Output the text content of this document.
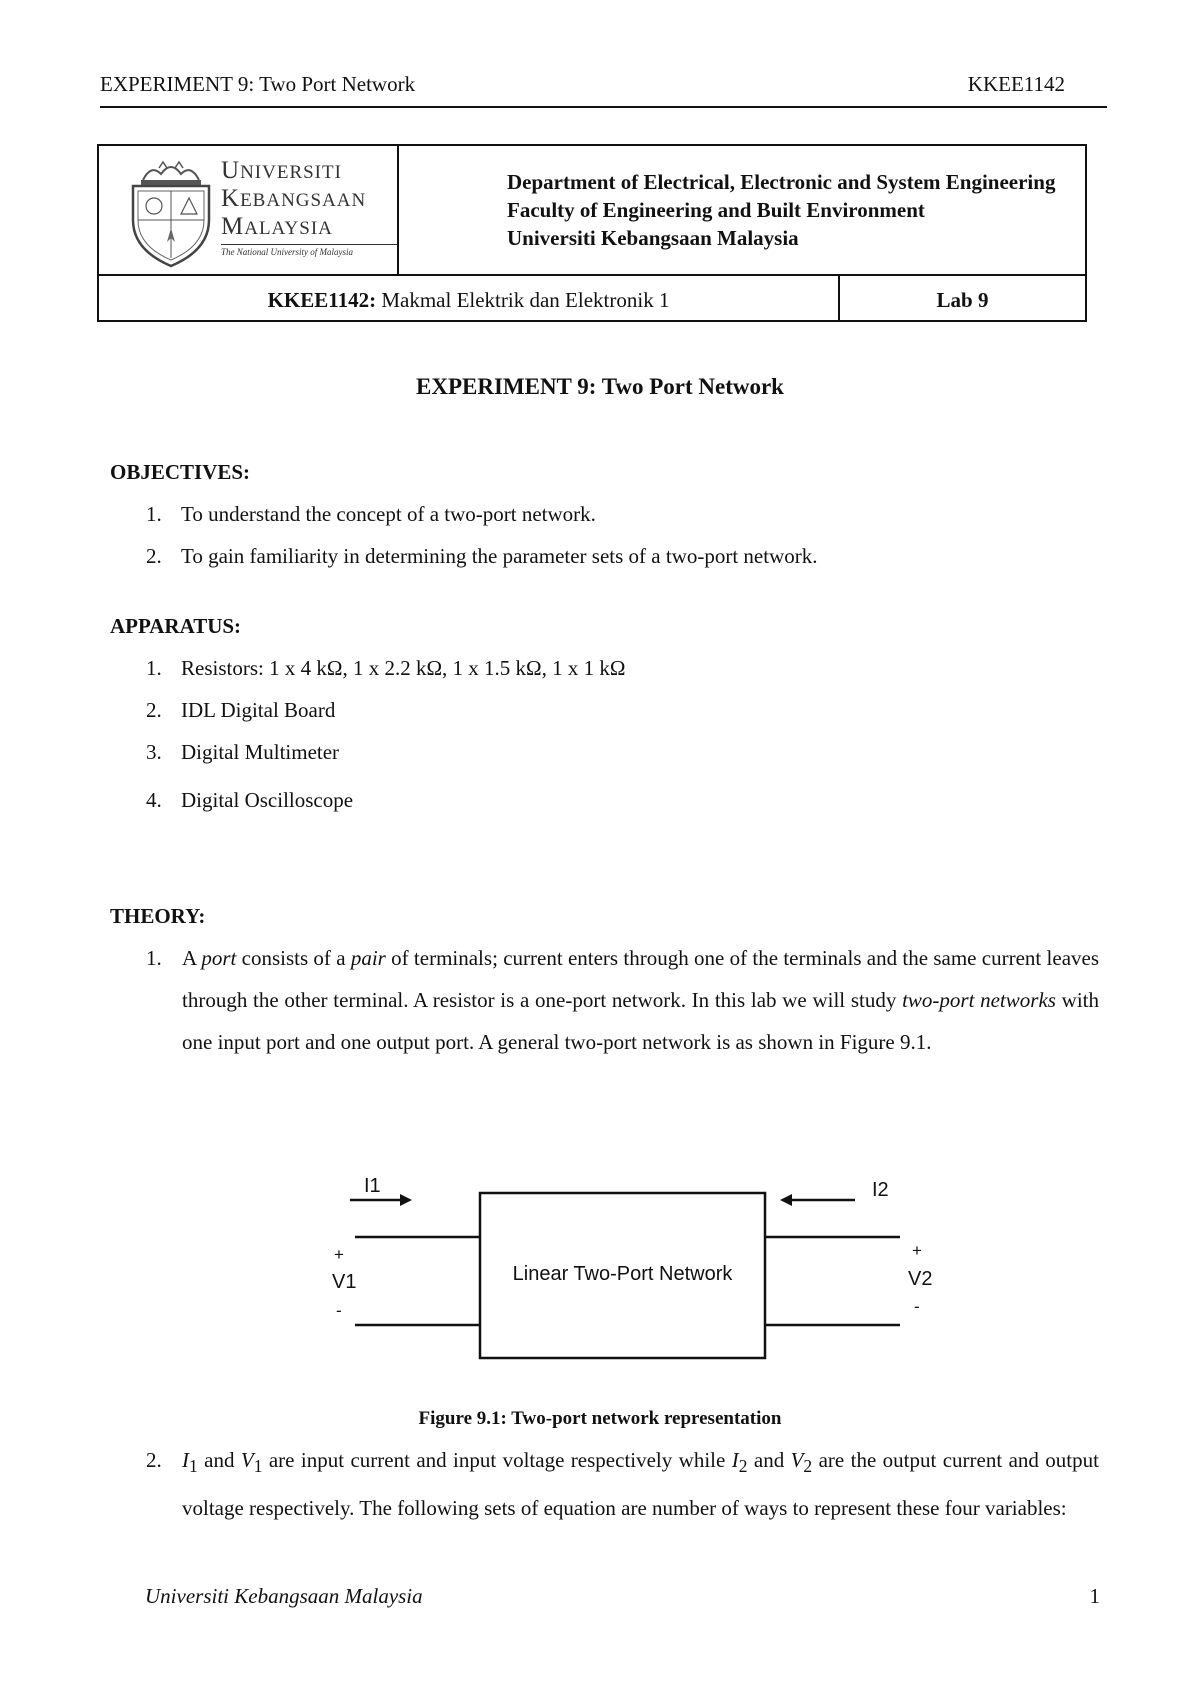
EXPERIMENT 9: Two Port Network	KKEE1142
UNIVERSITI
KEBANGSAAN
MALAYSIA
The National University of Malaysia
Department of Electrical, Electronic and System Engineering
Faculty of Engineering and Built Environment
Universiti Kebangsaan Malaysia
KKEE1142: Makmal Elektrik dan Elektronik 1	Lab 9
EXPERIMENT 9: Two Port Network
OBJECTIVES:
1. To understand the concept of a two-port network.
2. To gain familiarity in determining the parameter sets of a two-port network.
APPARATUS:
1. Resistors: 1 x 4 kΩ, 1 x 2.2 kΩ, 1 x 1.5 kΩ, 1 x 1 kΩ
2. IDL Digital Board
3. Digital Multimeter
4. Digital Oscilloscope
THEORY:
1. A port consists of a pair of terminals; current enters through one of the terminals and the same current leaves through the other terminal. A resistor is a one-port network. In this lab we will study two-port networks with one input port and one output port. A general two-port network is as shown in Figure 9.1.
I1	I2
+
V1
-
+
V2
-
Linear Two-Port Network
Figure 9.1: Two-port network representation
2. $I_1$ and $V_1$ are input current and input voltage respectively while $I_2$ and $V_2$ are the output current and output voltage respectively. The following sets of equation are number of ways to represent these four variables:
Universiti Kebangsaan Malaysia	1
